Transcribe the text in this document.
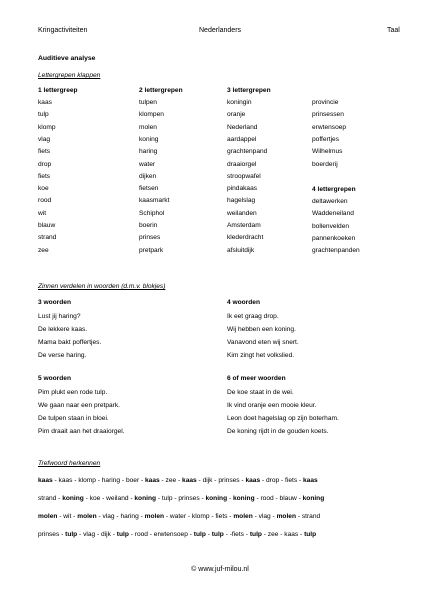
Kringactiviteiten	Nederlanders	Taal
Auditieve analyse
Lettergrepen klappen
1 lettergreep
kaas
tulp
klomp
vlag
fiets
drop
fiets
koe
rood
wit
blauw
strand
zee
2 lettergrepen
tulpen
klompen
molen
koning
haring
water
dijken
fietsen
kaasmarkt
Schiphol
boerin
prinses
pretpark
3 lettergrepen
koningin
oranje
Nederland
aardappel
grachtenpand
draaiorgel
stroopwafel
pindakaas
hagelslag
weilanden
Amsterdam
klederdracht
afsluitdijk
provincie
prinsessen
erwtensoep
poffertjes
Wilhelmus
boerderij
4 lettergrepen
deltawerken
Waddeneiland
bollenvelden
pannenkoeken
grachtenpanden
Zinnen verdelen in woorden (d.m.v. blokjes)
3 woorden
Lust jij haring?
De lekkere kaas.
Mama bakt poffertjes.
De verse haring.
4 woorden
Ik eet graag drop.
Wij hebben een koning.
Vanavond eten wij snert.
Kim zingt het volkslied.
5 woorden
Pim plukt een rode tulp.
We gaan naar een pretpark.
De tulpen staan in bloei.
Pim draait aan het draaiorgel.
6 of meer woorden
De koe staat in de wei.
Ik vind oranje een mooie kleur.
Leon doet hagelslag op zijn boterham.
De koning rijdt in de gouden koets.
Trefwoord herkennen
kaas - kaas - klomp - haring - boer - kaas - zee - kaas - dijk - prinses - kaas - drop - fiets - kaas
strand - koning - koe - weiland - koning - tulp - prinses - koning - koning - rood - blauw - koning
molen - wit - molen - vlag - haring - molen - water - klomp - fiets - molen - vlag - molen - strand
prinses - tulp - vlag - dijk - tulp - rood - erwtensoep - tulp - tulp - -fiets - tulp - zee - kaas - tulp
© www.juf-milou.nl
